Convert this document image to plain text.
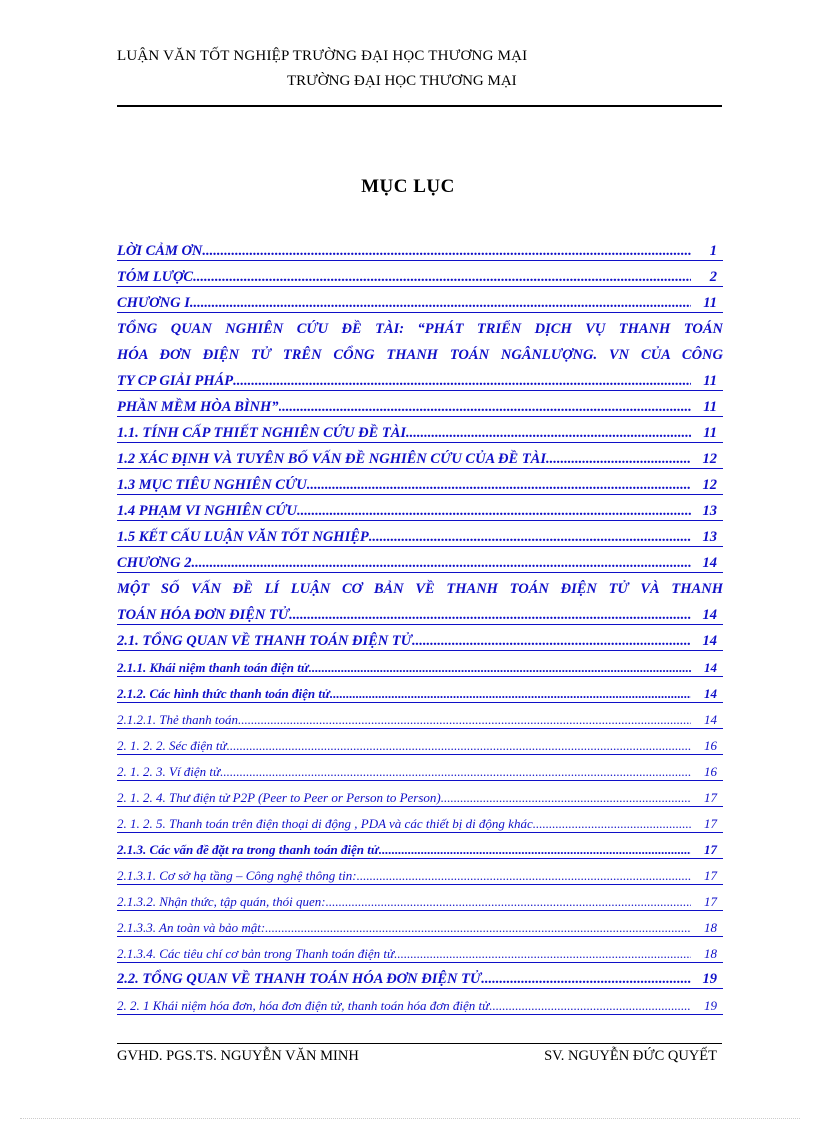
LUẬN VĂN TỐT NGHIỆP TRƯỜNG ĐẠI HỌC THƯƠNG MẠI
TRƯỜNG ĐẠI HỌC THƯƠNG MẠI
MỤC LỤC
LỜI CẢM ƠN .....	1
TÓM LƯỢC .....	2
CHƯƠNG I .....	11
TỔNG QUAN NGHIÊN CỨU ĐỀ TÀI: “PHÁT TRIỂN DỊCH VỤ THANH TOÁN
HÓA ĐƠN ĐIỆN TỬ TRÊN CỔNG THANH TOÁN NGÂNLƯỢNG. VN CỦA CÔNG
TY CP GIẢI PHÁP .....	11
PHẦN MỀM HÒA BÌNH” .....	11
1.1. TÍNH CẤP THIẾT NGHIÊN CỨU ĐỀ TÀI .....	11
1.2 XÁC ĐỊNH VÀ TUYÊN BỐ VẤN ĐỀ NGHIÊN CỨU CỦA ĐỀ TÀI .....	12
1.3 MỤC TIÊU NGHIÊN CỨU .....	12
1.4 PHẠM VI NGHIÊN CỨU .....	13
1.5 KẾT CẤU LUẬN VĂN TỐT NGHIỆP .....	13
CHƯƠNG 2 .....	14
MỘT SỐ VẤN ĐỀ LÍ LUẬN CƠ BẢN VỀ THANH TOÁN ĐIỆN TỬ VÀ THANH
TOÁN HÓA ĐƠN ĐIỆN TỬ .....	14
2.1. TỔNG QUAN VỀ THANH TOÁN ĐIỆN TỬ .....	14
2.1.1. Khái niệm thanh toán điện tử .....	14
2.1.2. Các hình thức thanh toán điện tử .....	14
2.1.2.1. Thẻ thanh toán .....	14
2. 1. 2. 2. Séc điện tử .....	16
2. 1. 2. 3. Ví điện tử .....	16
2. 1. 2. 4. Thư điện tử P2P (Peer to Peer or Person to Person) .....	17
2. 1. 2. 5. Thanh toán trên điện thoại di động , PDA và các thiết bị di động khác .....	17
2.1.3. Các vấn đề đặt ra trong thanh toán điện tử .....	17
2.1.3.1. Cơ sở hạ tầng – Công nghệ thông tin: .....	17
2.1.3.2. Nhận thức, tập quán, thói quen: .....	17
2.1.3.3. An toàn và bảo mật: .....	18
2.1.3.4. Các tiêu chí cơ bản trong Thanh toán điện tử .....	18
2.2. TỔNG QUAN VỀ THANH TOÁN HÓA ĐƠN ĐIỆN TỬ .....	19
2. 2. 1 Khái niệm hóa đơn, hóa đơn điện tử, thanh toán hóa đơn điện tử .....	19
GVHD. PGS.TS. NGUYỄN VĂN MINH	SV. NGUYỄN ĐỨC QUYẾT
